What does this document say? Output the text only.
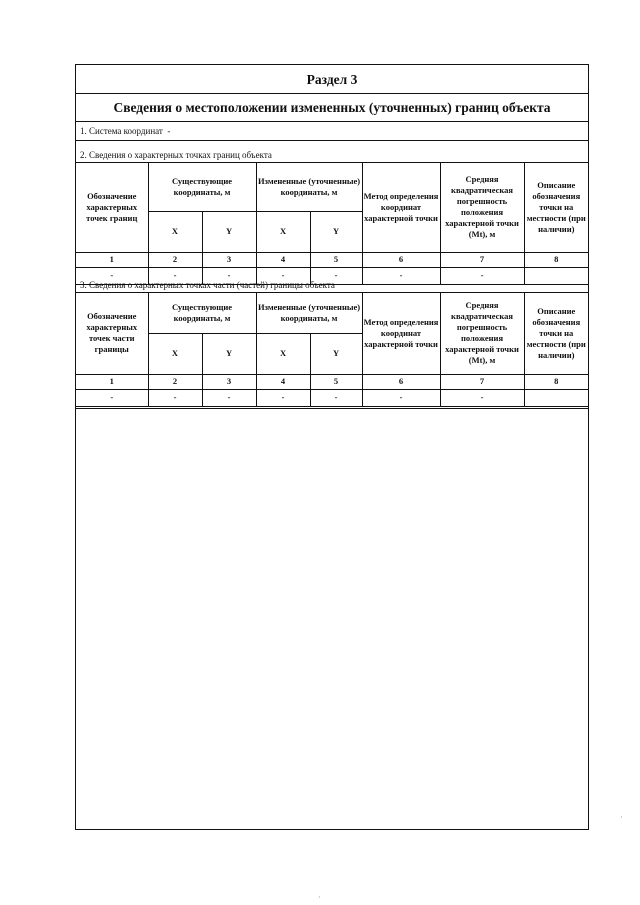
Раздел 3
Сведения о местоположении измененных (уточненных) границ объекта
1. Система координат -
2. Сведения о характерных точках границ объекта
Обозначение характерных точек границ	Существующие координаты, м		Измененные (уточненные) координаты, м		Метод определения координат характерной точки	Средняя квадратическая погрешность положения характерной точки (Mt), м	Описание обозначения точки на местности (при наличии)
	X	Y	X	Y			
1	2	3	4	5	6	7	8
-	-	-	-	-	-	-	
3. Сведения о характерных точках части (частей) границы объекта
Обозначение характерных точек части границы	Существующие координаты, м		Измененные (уточненные) координаты, м		Метод определения координат характерной точки	Средняя квадратическая погрешность положения характерной точки (Mt), м	Описание обозначения точки на местности (при наличии)
	X	Y	X	Y			
1	2	3	4	5	6	7	8
-	-	-	-	-	-	-	
·
·
